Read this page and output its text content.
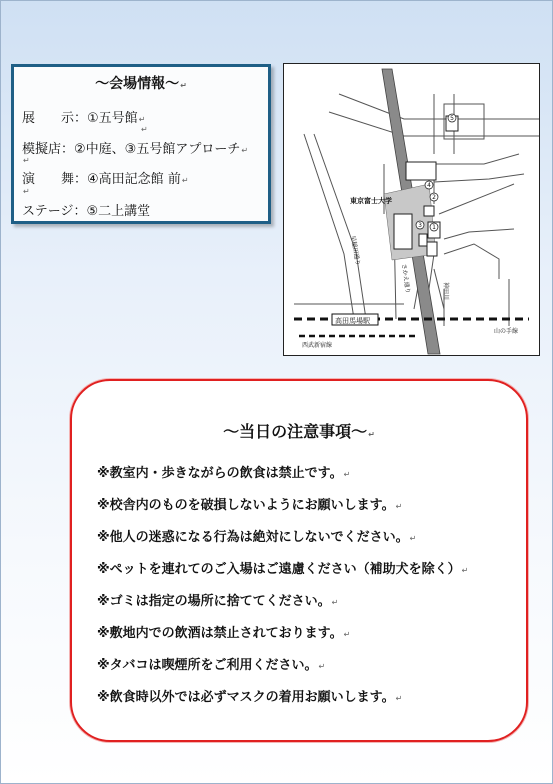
～会場情報～↵
展　　示：①五号館↵
↵
模擬店：②中庭、③五号館アプローチ↵
↵
演　　舞：④高田記念館 前↵
↵
ステージ：⑤二上講堂
高田馬場駅
5
4
2
3 1
東京富士大学
西武新宿線
山の手線
神田川
早稲田通り
さかえ通り
～当日の注意事項～↵
※教室内・歩きながらの飲食は禁止です。↵
※校舎内のものを破損しないようにお願いします。↵
※他人の迷惑になる行為は絶対にしないでください。↵
※ペットを連れてのご入場はご遠慮ください（補助犬を除く）↵
※ゴミは指定の場所に捨ててください。↵
※敷地内での飲酒は禁止されております。↵
※タバコは喫煙所をご利用ください。↵
※飲食時以外では必ずマスクの着用お願いします。↵
